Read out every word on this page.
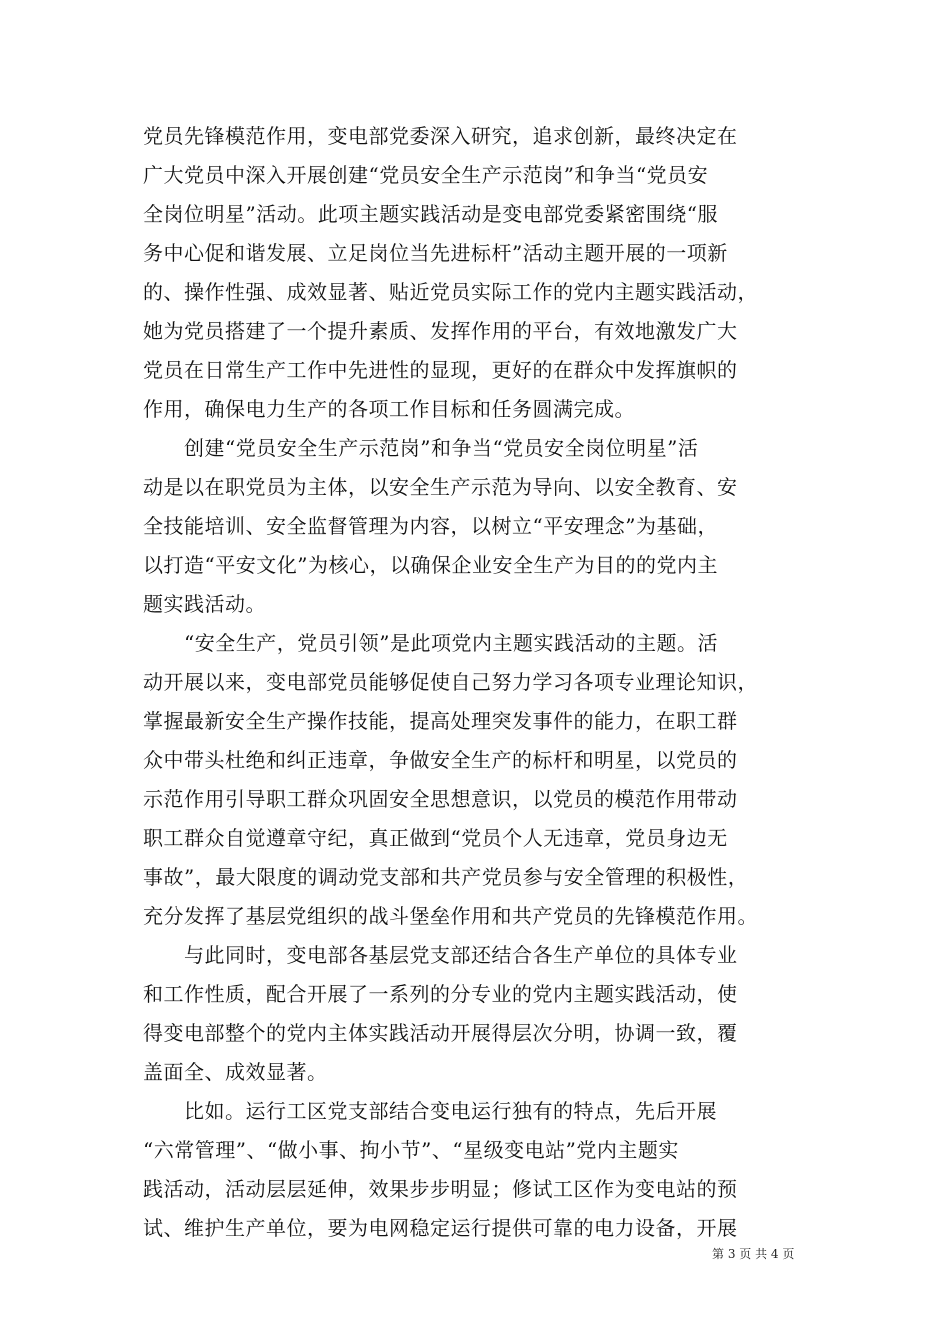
党员先锋模范作用，变电部党委深入研究，追求创新，最终决定在
广大党员中深入开展创建“党员安全生产示范岗”和争当“党员安
全岗位明星”活动。此项主题实践活动是变电部党委紧密围绕“服
务中心促和谐发展、立足岗位当先进标杆”活动主题开展的一项新
的、操作性强、成效显著、贴近党员实际工作的党内主题实践活动，
她为党员搭建了一个提升素质、发挥作用的平台，有效地激发广大
党员在日常生产工作中先进性的显现，更好的在群众中发挥旗帜的
作用，确保电力生产的各项工作目标和任务圆满完成。
　　创建“党员安全生产示范岗”和争当“党员安全岗位明星”活
动是以在职党员为主体，以安全生产示范为导向、以安全教育、安
全技能培训、安全监督管理为内容，以树立“平安理念”为基础，
以打造“平安文化”为核心，以确保企业安全生产为目的的党内主
题实践活动。
　　“安全生产，党员引领”是此项党内主题实践活动的主题。活
动开展以来，变电部党员能够促使自己努力学习各项专业理论知识，
掌握最新安全生产操作技能，提高处理突发事件的能力，在职工群
众中带头杜绝和纠正违章，争做安全生产的标杆和明星，以党员的
示范作用引导职工群众巩固安全思想意识，以党员的模范作用带动
职工群众自觉遵章守纪，真正做到“党员个人无违章，党员身边无
事故”，最大限度的调动党支部和共产党员参与安全管理的积极性，
充分发挥了基层党组织的战斗堡垒作用和共产党员的先锋模范作用。
　　与此同时，变电部各基层党支部还结合各生产单位的具体专业
和工作性质，配合开展了一系列的分专业的党内主题实践活动，使
得变电部整个的党内主体实践活动开展得层次分明，协调一致，覆
盖面全、成效显著。
　　比如。运行工区党支部结合变电运行独有的特点，先后开展
“六常管理”、“做小事、拘小节”、“星级变电站”党内主题实
践活动，活动层层延伸，效果步步明显；修试工区作为变电站的预
试、维护生产单位，要为电网稳定运行提供可靠的电力设备，开展
第 3 页 共 4 页
